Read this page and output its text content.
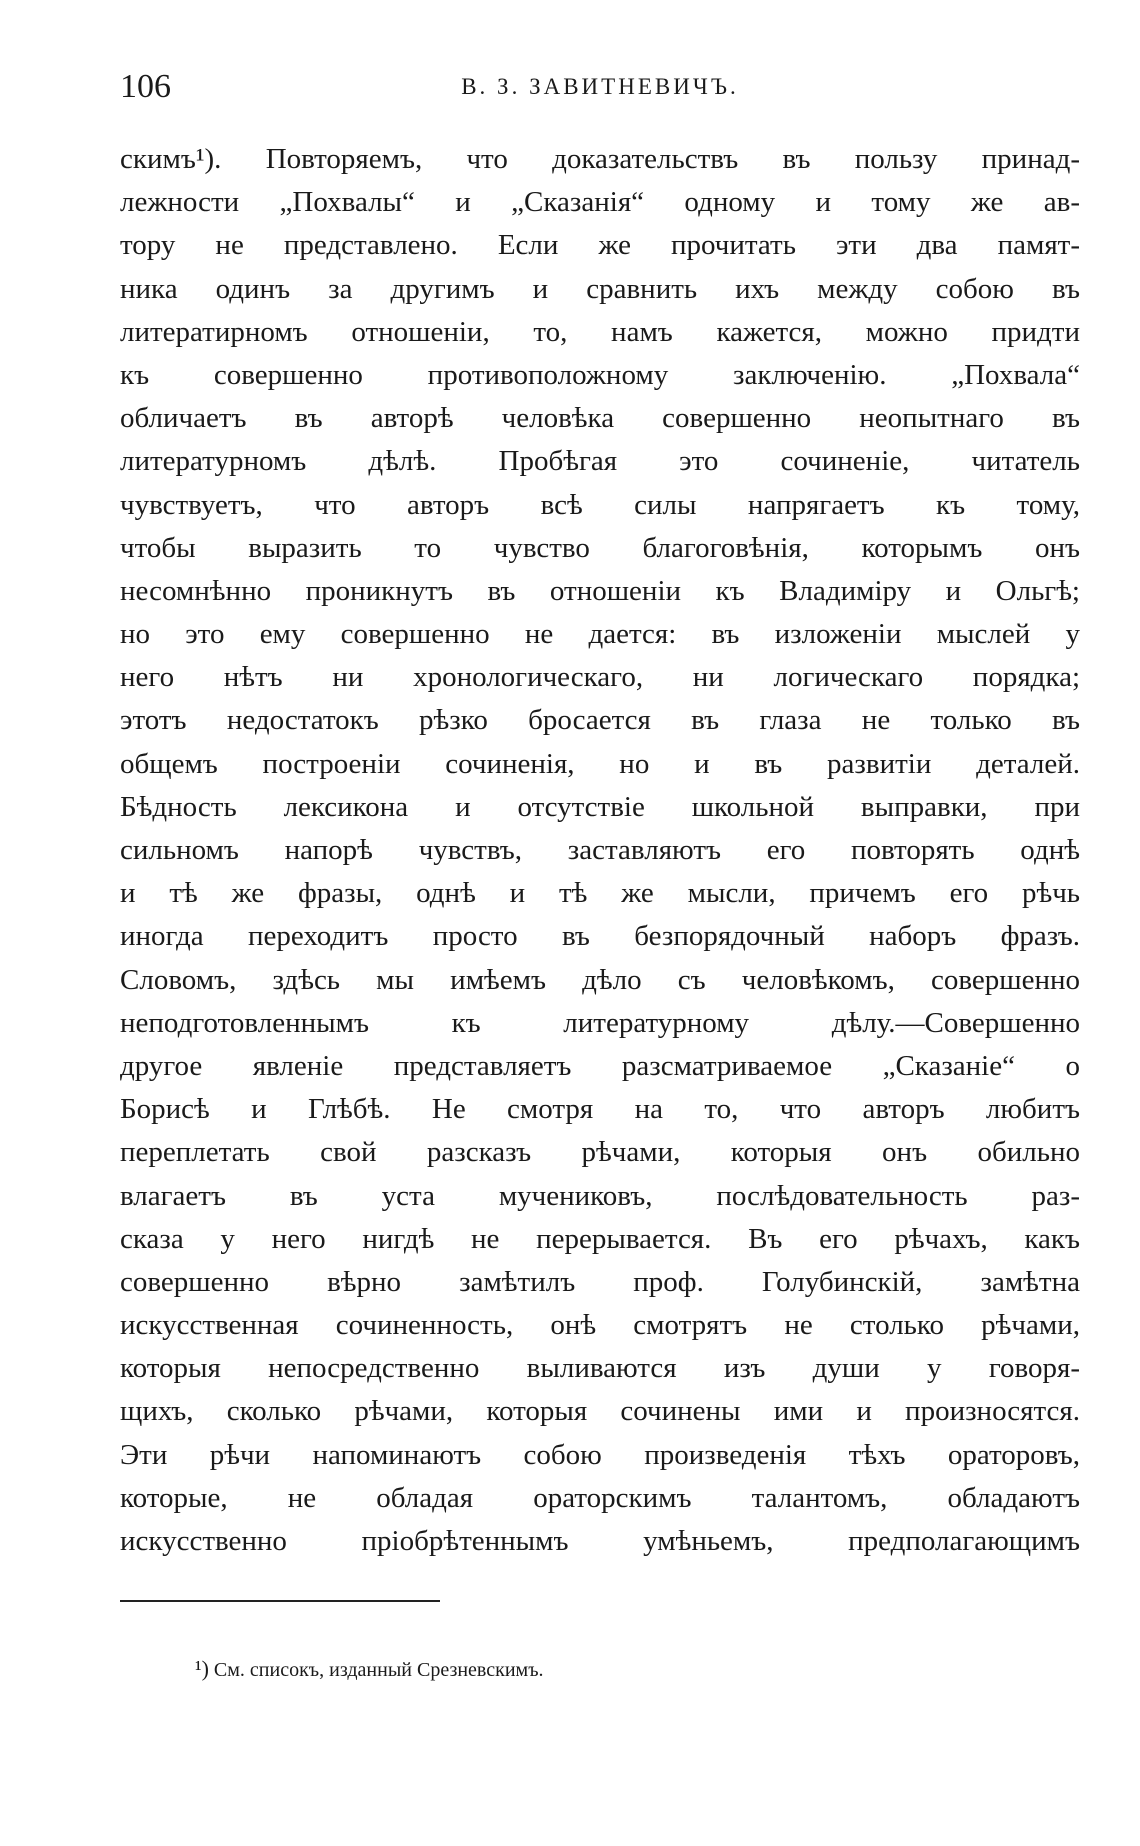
106	В. З. ЗАВИТНЕВИЧЪ.
скимъ¹). Повторяемъ, что доказательствъ въ пользу принад-
лежности „Похвалы“ и „Сказанія“ одному и тому же ав-
тору не представлено. Если же прочитать эти два памят-
ника одинъ за другимъ и сравнить ихъ между собою въ
литератирномъ отношеніи, то, намъ кажется, можно придти
къ совершенно противоположному заключенію. „Похвала“
обличаетъ въ авторѣ человѣка совершенно неопытнаго въ
литературномъ дѣлѣ. Пробѣгая это сочиненіе, читатель
чувствуетъ, что авторъ всѣ силы напрягаетъ къ тому,
чтобы выразить то чувство благоговѣнія, которымъ онъ
несомнѣнно проникнутъ въ отношеніи къ Владиміру и Ольгѣ;
но это ему совершенно не дается: въ изложеніи мыслей у
него нѣтъ ни хронологическаго, ни логическаго порядка;
этотъ недостатокъ рѣзко бросается въ глаза не только въ
общемъ построеніи сочиненія, но и въ развитіи деталей.
Бѣдность лексикона и отсутствіе школьной выправки, при
сильномъ напорѣ чувствъ, заставляютъ его повторять однѣ
и тѣ же фразы, однѣ и тѣ же мысли, причемъ его рѣчь
иногда переходитъ просто въ безпорядочный наборъ фразъ.
Словомъ, здѣсь мы имѣемъ дѣло съ человѣкомъ, совершенно
неподготовленнымъ къ литературному дѣлу.—Совершенно
другое явленіе представляетъ разсматриваемое „Сказаніе“ о
Борисѣ и Глѣбѣ. Не смотря на то, что авторъ любитъ
переплетать свой разсказъ рѣчами, которыя онъ обильно
влагаетъ въ уста мучениковъ, послѣдовательность раз-
сказа у него нигдѣ не перерывается. Въ его рѣчахъ, какъ
совершенно вѣрно замѣтилъ проф. Голубинскій, замѣтна
искусственная сочиненность, онѣ смотрятъ не столько рѣчами,
которыя непосредственно выливаются изъ души у говоря-
щихъ, сколько рѣчами, которыя сочинены ими и произносятся.
Эти рѣчи напоминаютъ собою произведенія тѣхъ ораторовъ,
которые, не обладая ораторскимъ талантомъ, обладаютъ
искусственно пріобрѣтеннымъ умѣньемъ, предполагающимъ
¹) См. списокъ, изданный Срезневскимъ.
